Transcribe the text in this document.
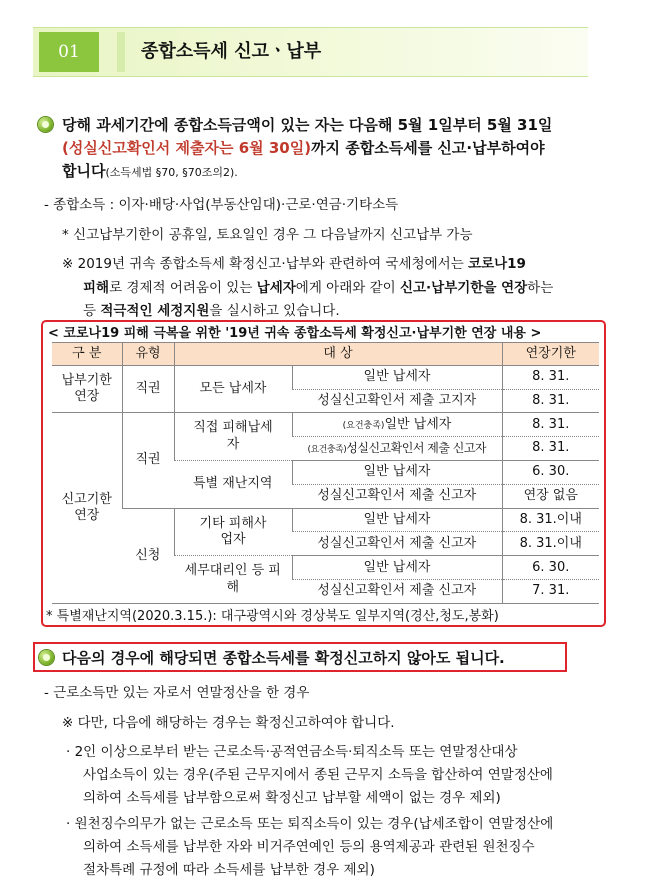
01	종합소득세 신고ㆍ납부
당해 과세기간에 종합소득금액이 있는 자는 다음해 5월 1일부터 5월 31일
(성실신고확인서 제출자는 6월 30일)까지 종합소득세를 신고·납부하여야
합니다(소득세법 §70, §70조의2).
- 종합소득 : 이자·배당·사업(부동산임대)·근로·연금·기타소득
* 신고납부기한이 공휴일, 토요일인 경우 그 다음날까지 신고납부 가능
※ 2019년 귀속 종합소득세 확정신고·납부와 관련하여 국세청에서는 코로나19
피해로 경제적 어려움이 있는 납세자에게 아래와 같이 신고·납부기한을 연장하는
등 적극적인 세정지원을 실시하고 있습니다.
< 코로나19 피해 극복을 위한 '19년 귀속 종합소득세 확정신고·납부기한 연장 내용 >
구 분	유형	대 상		연장기한
납부기한 연장	직권	모든 납세자	일반 납세자	8. 31.
			성실신고확인서 제출 고지자	8. 31.
신고기한 연장	직권	직접 피해납세자	(요건충족)일반 납세자	8. 31.
			(요건충족)성실신고확인서 제출 신고자	8. 31.
		특별 재난지역	일반 납세자	6. 30.
			성실신고확인서 제출 신고자	연장 없음
	신청	기타 피해사업자	일반 납세자	8. 31.이내
			성실신고확인서 제출 신고자	8. 31.이내
		세무대리인 등 피해	일반 납세자	6. 30.
			성실신고확인서 제출 신고자	7. 31.
* 특별재난지역(2020.3.15.): 대구광역시와 경상북도 일부지역(경산,청도,봉화)
다음의 경우에 해당되면 종합소득세를 확정신고하지 않아도 됩니다.
- 근로소득만 있는 자로서 연말정산을 한 경우
※ 다만, 다음에 해당하는 경우는 확정신고하여야 합니다.
· 2인 이상으로부터 받는 근로소득·공적연금소득·퇴직소득 또는 연말정산대상
사업소득이 있는 경우(주된 근무지에서 종된 근무지 소득을 합산하여 연말정산에
의하여 소득세를 납부함으로써 확정신고 납부할 세액이 없는 경우 제외)
· 원천징수의무가 없는 근로소득 또는 퇴직소득이 있는 경우(납세조합이 연말정산에
의하여 소득세를 납부한 자와 비거주연예인 등의 용역제공과 관련된 원천징수
절차특례 규정에 따라 소득세를 납부한 경우 제외)
